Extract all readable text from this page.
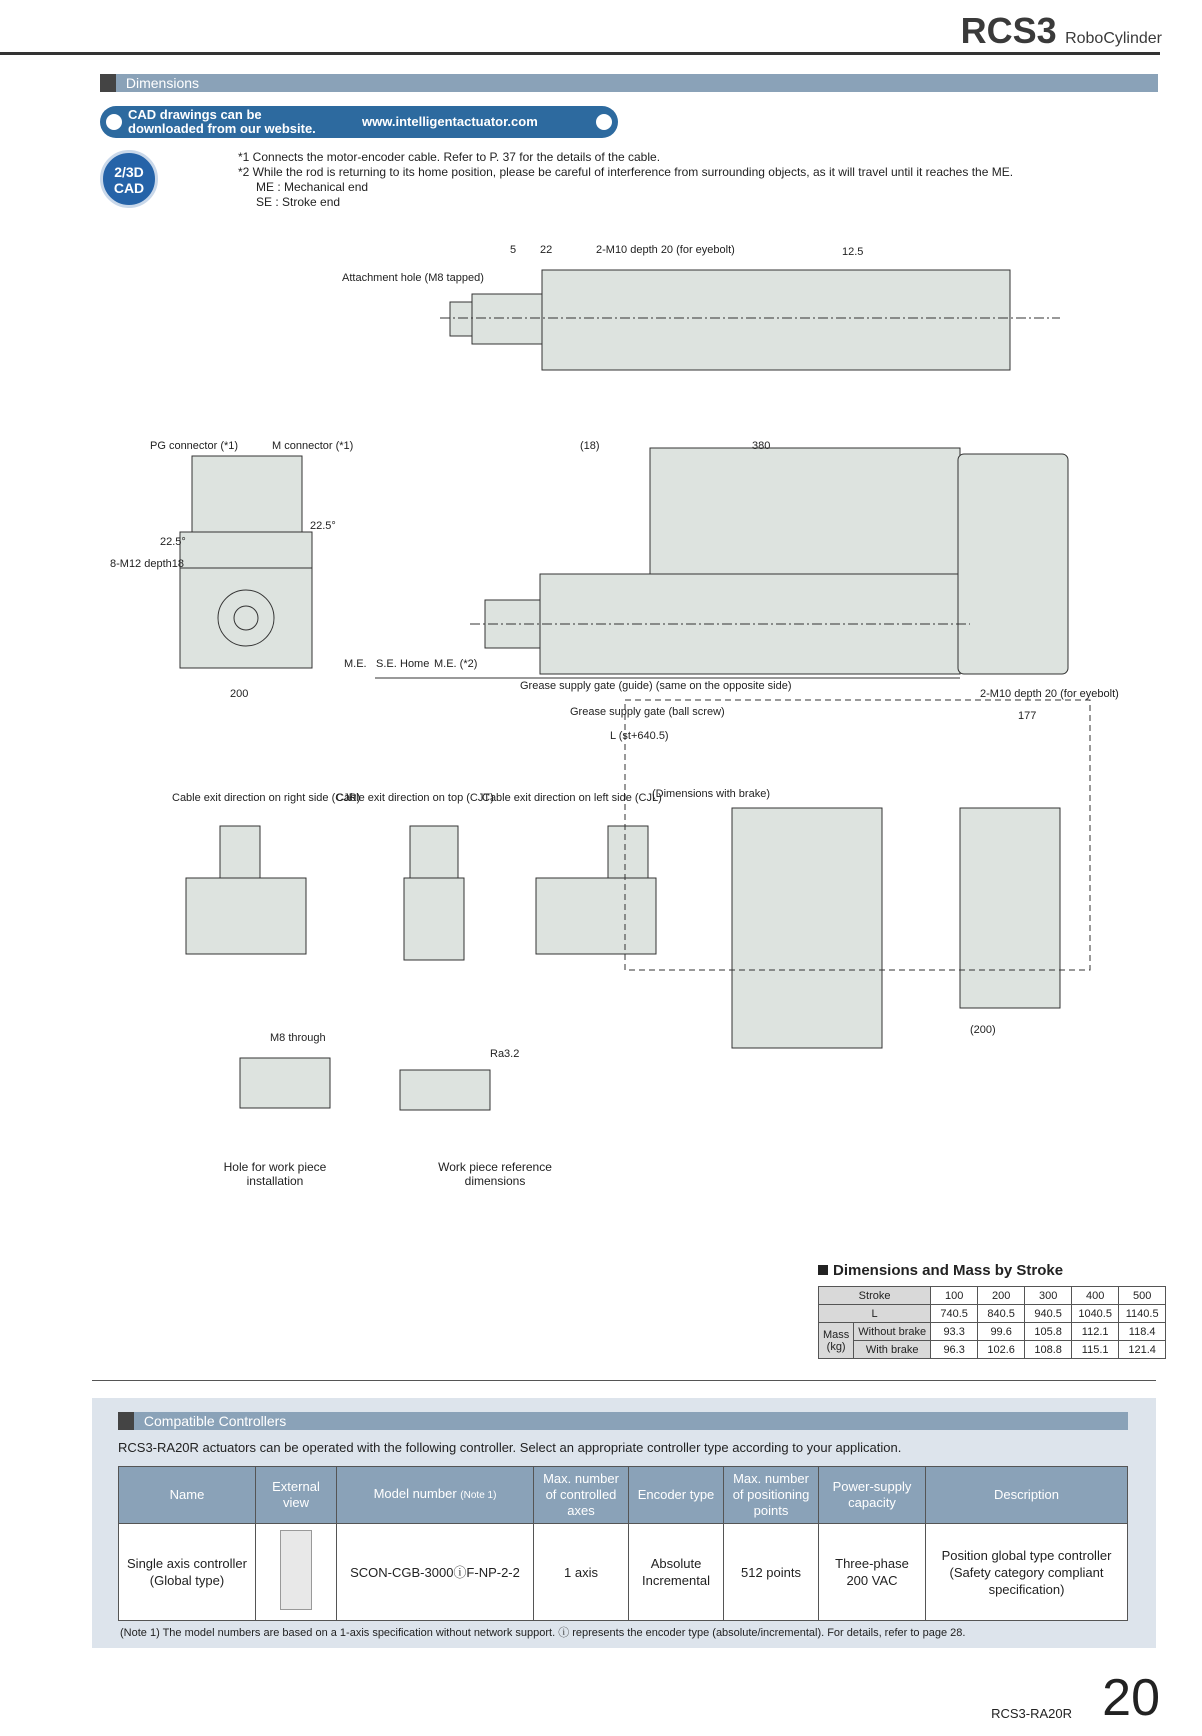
RCS3 RoboCylinder
Dimensions
CAD drawings can be downloaded from our website.	www.intelligentactuator.com
2/3D CAD
*1 Connects the motor-encoder cable. Refer to P. 37 for the details of the cable.
*2 While the rod is returning to its home position, please be careful of interference from surrounding objects, as it will travel until it reaches the ME.
ME : Mechanical end
SE : Stroke end
5 22	2-M10 depth 20 (for eyebolt)	12.5
Attachment hole (M8 tapped)
PG connector (*1)	M connector (*1)
22.5°
22.5°
8-M12 depth18
200
(18)	380
M.E. S.E. Home M.E. (*2)
Grease supply gate (guide) (same on the opposite side)
Grease supply gate (ball screw)
L (st+640.5)
2-M10 depth 20 (for eyebolt)
177
Cable exit direction on right side (CJR)
Cable exit direction on top (CJT)
Cable exit direction on left side (CJL)
(Dimensions with brake)
(200)
M8 through
Ra3.2
Hole for work piece installation
Work piece reference dimensions
Dimensions and Mass by Stroke
Stroke		100	200	300	400	500
L		740.5	840.5	940.5	1040.5	1140.5
Mass (kg)	Without brake	93.3	99.6	105.8	112.1	118.4
	With brake	96.3	102.6	108.8	115.1	121.4
Compatible Controllers
RCS3-RA20R actuators can be operated with the following controller. Select an appropriate controller type according to your application.
Name	External view	Model number (Note 1)	Max. number of controlled axes	Encoder type	Max. number of positioning points	Power-supply capacity	Description
Single axis controller (Global type)		SCON-CGB-3000ⓘF-NP-2-2	1 axis	Absolute Incremental	512 points	Three-phase 200 VAC	Position global type controller (Safety category compliant specification)
(Note 1) The model numbers are based on a 1-axis specification without network support. ⓘ represents the encoder type (absolute/incremental). For details, refer to page 28.
RCS3-RA20R 20
